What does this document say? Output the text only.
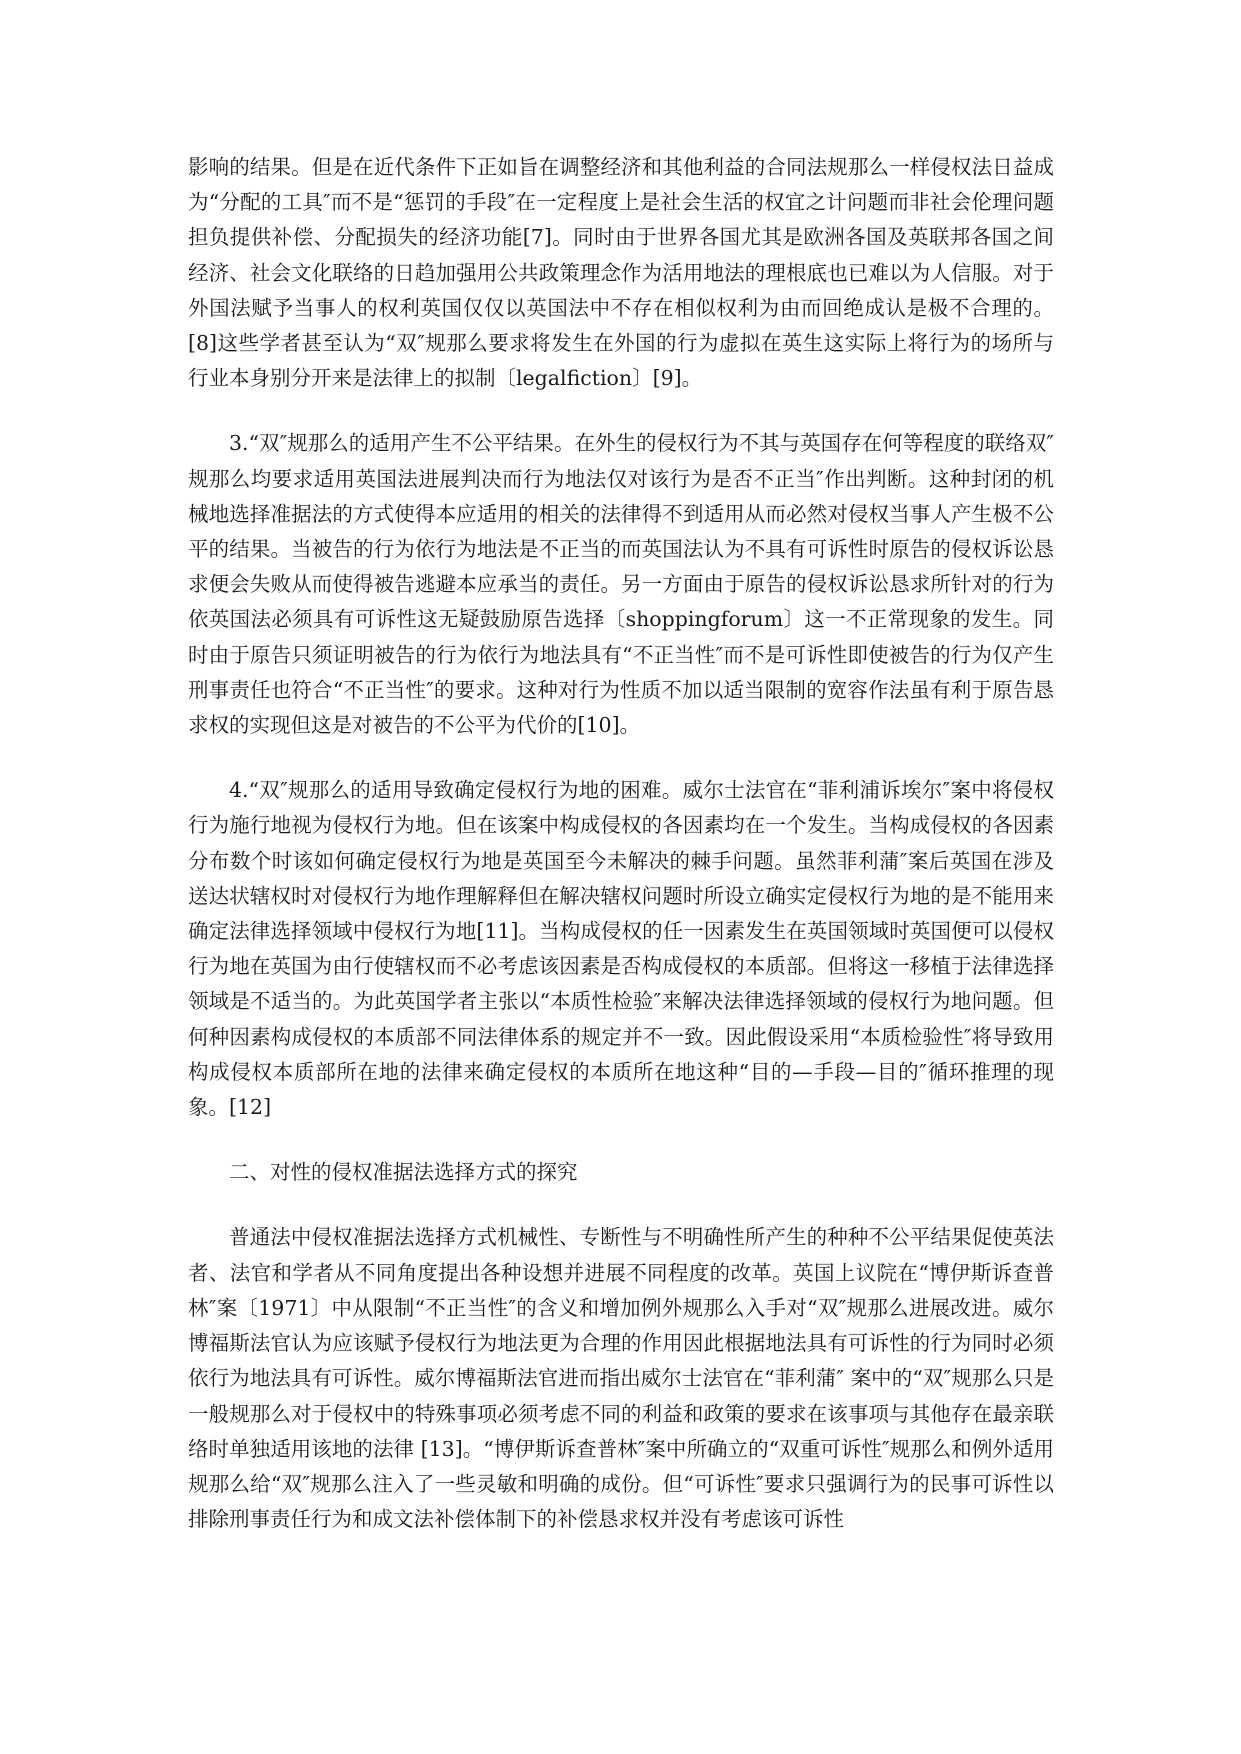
影响的结果。但是在近代条件下正如旨在调整经济和其他利益的合同法规那么一样侵权法日益成为“分配的工具″而不是“惩罚的手段″在一定程度上是社会生活的权宜之计问题而非社会伦理问题担负提供补偿、分配损失的经济功能[7]。同时由于世界各国尤其是欧洲各国及英联邦各国之间经济、社会文化联络的日趋加强用公共政策理念作为活用地法的理根底也已难以为人信服。对于外国法赋予当事人的权利英国仅仅以英国法中不存在相似权利为由而回绝成认是极不合理的。[8]这些学者甚至认为“双″规那么要求将发生在外国的行为虚拟在英生这实际上将行为的场所与行业本身别分开来是法律上的拟制〔legalfiction〕[9]。

3.“双″规那么的适用产生不公平结果。在外生的侵权行为不其与英国存在何等程度的联络双″规那么均要求适用英国法进展判决而行为地法仅对该行为是否不正当″作出判断。这种封闭的机械地选择准据法的方式使得本应适用的相关的法律得不到适用从而必然对侵权当事人产生极不公平的结果。当被告的行为依行为地法是不正当的而英国法认为不具有可诉性时原告的侵权诉讼恳求便会失败从而使得被告逃避本应承当的责任。另一方面由于原告的侵权诉讼恳求所针对的行为依英国法必须具有可诉性这无疑鼓励原告选择〔shoppingforum〕这一不正常现象的发生。同时由于原告只须证明被告的行为依行为地法具有“不正当性″而不是可诉性即使被告的行为仅产生刑事责任也符合“不正当性″的要求。这种对行为性质不加以适当限制的宽容作法虽有利于原告恳求权的实现但这是对被告的不公平为代价的[10]。

4.“双″规那么的适用导致确定侵权行为地的困难。威尔士法官在“菲利浦诉埃尔″案中将侵权行为施行地视为侵权行为地。但在该案中构成侵权的各因素均在一个发生。当构成侵权的各因素分布数个时该如何确定侵权行为地是英国至今未解决的棘手问题。虽然菲利蒲″案后英国在涉及送达状辖权时对侵权行为地作理解释但在解决辖权问题时所设立确实定侵权行为地的是不能用来确定法律选择领域中侵权行为地[11]。当构成侵权的任一因素发生在英国领域时英国便可以侵权行为地在英国为由行使辖权而不必考虑该因素是否构成侵权的本质部。但将这一移植于法律选择领域是不适当的。为此英国学者主张以“本质性检验″来解决法律选择领域的侵权行为地问题。但何种因素构成侵权的本质部不同法律体系的规定并不一致。因此假设采用“本质检验性″将导致用构成侵权本质部所在地的法律来确定侵权的本质所在地这种“目的—手段—目的″循环推理的现象。[12]

二、对性的侵权准据法选择方式的探究

普通法中侵权准据法选择方式机械性、专断性与不明确性所产生的种种不公平结果促使英法者、法官和学者从不同角度提出各种设想并进展不同程度的改革。英国上议院在“博伊斯诉查普林″案〔1971〕中从限制“不正当性″的含义和增加例外规那么入手对“双″规那么进展改进。威尔博福斯法官认为应该赋予侵权行为地法更为合理的作用因此根据地法具有可诉性的行为同时必须依行为地法具有可诉性。威尔博福斯法官进而指出威尔士法官在“菲利蒲″ 案中的“双″规那么只是一般规那么对于侵权中的特殊事项必须考虑不同的利益和政策的要求在该事项与其他存在最亲联络时单独适用该地的法律 [13]。“博伊斯诉查普林″案中所确立的“双重可诉性″规那么和例外适用规那么给“双″规那么注入了一些灵敏和明确的成份。但“可诉性″要求只强调行为的民事可诉性以排除刑事责任行为和成文法补偿体制下的补偿恳求权并没有考虑该可诉性
